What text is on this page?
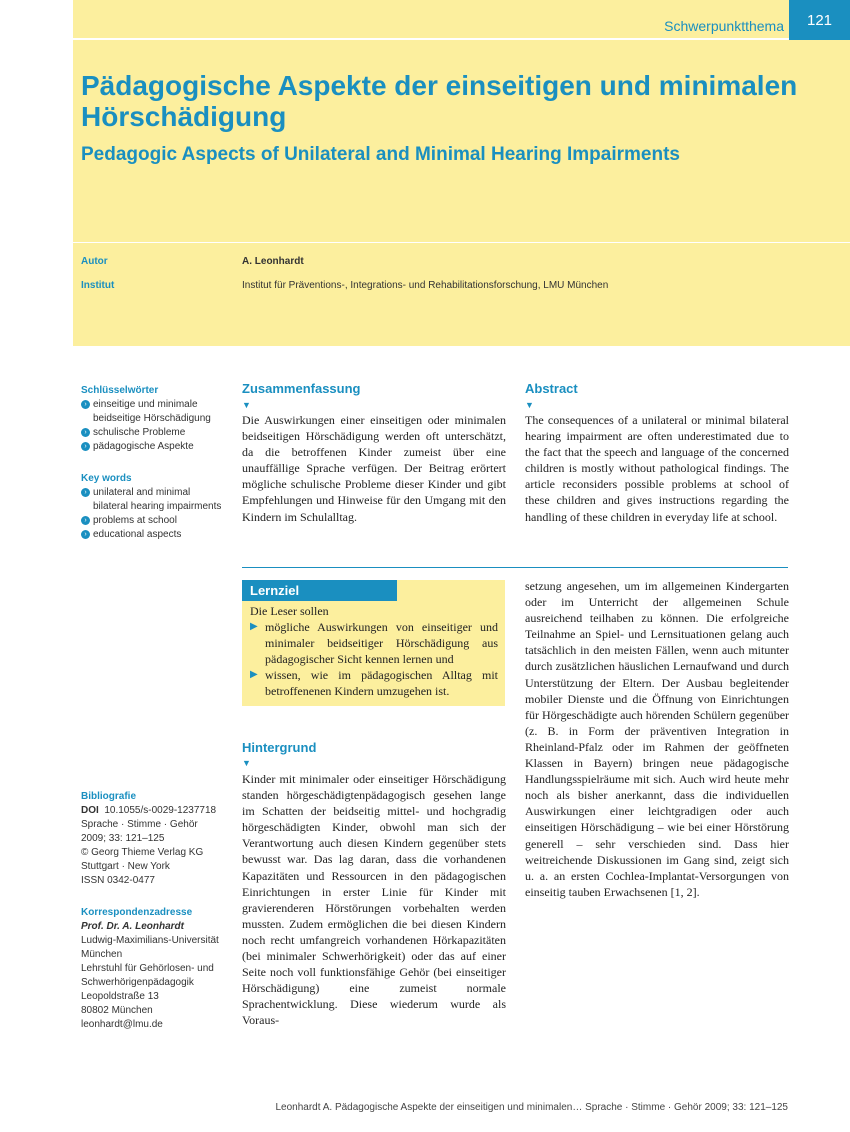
Schwerpunktthema	121
Pädagogische Aspekte der einseitigen und minimalen Hörschädigung
Pedagogic Aspects of Unilateral and Minimal Hearing Impairments
Autor	A. Leonhardt
Institut	Institut für Präventions-, Integrations- und Rehabilitationsforschung, LMU München
Schlüsselwörter
› einseitige und minimale beidseitige Hörschädigung
› schulische Probleme
› pädagogische Aspekte
Key words
› unilateral and minimal bilateral hearing impairments
› problems at school
› educational aspects
Bibliografie
DOI 10.1055/s-0029-1237718
Sprache · Stimme · Gehör
2009; 33: 121–125
© Georg Thieme Verlag KG
Stuttgart · New York
ISSN 0342-0477
Korrespondenzadresse
Prof. Dr. A. Leonhardt
Ludwig-Maximilians-Universität
München
Lehrstuhl für Gehörlosen- und
Schwerhörigenpädagogik
Leopoldstraße 13
80802 München
leonhardt@lmu.de
Zusammenfassung
▼

Die Auswirkungen einer einseitigen oder minimalen beidseitigen Hörschädigung werden oft unterschätzt, da die betroffenen Kinder zumeist über eine unauffällige Sprache verfügen. Der Beitrag erörtert mögliche schulische Probleme dieser Kinder und gibt Empfehlungen und Hinweise für den Umgang mit den Kindern im Schulalltag.

Abstract
▼

The consequences of a unilateral or minimal bilateral hearing impairment are often underestimated due to the fact that the speech and language of the concerned children is mostly without pathological findings. The article reconsiders possible problems at school of these children and gives instructions regarding the handling of these children in everyday life at school.

Lernziel
Die Leser sollen
▶ mögliche Auswirkungen von einseitiger und minimaler beidseitiger Hörschädigung aus pädagogischer Sicht kennen lernen und
▶ wissen, wie im pädagogischen Alltag mit betroffenenen Kindern umzugehen ist.
Hintergrund
▼

Kinder mit minimaler oder einseitiger Hörschädigung standen hörgeschädigtenpädagogisch gesehen lange im Schatten der beidseitig mittel- und hochgradig hörgeschädigten Kinder, obwohl man sich der Verantwortung auch diesen Kindern gegenüber stets bewusst war. Das lag daran, dass die vorhandenen Kapazitäten und Ressourcen in den pädagogischen Einrichtungen in erster Linie für Kinder mit gravierenderen Hörstörungen vorbehalten werden mussten. Zudem ermöglichen die bei diesen Kindern noch recht umfangreich vorhandenen Hörkapazitäten (bei minimaler Schwerhörigkeit) oder das auf einer Seite noch voll funktionsfähige Gehör (bei einseitiger Hörschädigung) eine zumeist normale Sprachentwicklung. Diese wiederum wurde als Voraus-

setzung angesehen, um im allgemeinen Kindergarten oder im Unterricht der allgemeinen Schule ausreichend teilhaben zu können. Die erfolgreiche Teilnahme an Spiel- und Lernsituationen gelang auch tatsächlich in den meisten Fällen, wenn auch mitunter durch zusätzlichen häuslichen Lernaufwand und durch Unterstützung der Eltern. Der Ausbau begleitender mobiler Dienste und die Öffnung von Einrichtungen für Hörgeschädigte auch hörenden Schülern gegenüber (z. B. in Form der präventiven Integration in Rheinland-Pfalz oder im Rahmen der geöffneten Klassen in Bayern) bringen neue pädagogische Handlungsspielräume mit sich. Auch wird heute mehr noch als bisher anerkannt, dass die individuellen Auswirkungen einer leichtgradigen oder auch einseitigen Hörschädigung – wie bei einer Hörstörung generell – sehr verschieden sind. Dass hier weitreichende Diskussionen im Gang sind, zeigt sich u. a. an ersten Cochlea-Implantat-Versorgungen von einseitig tauben Erwachsenen [1, 2].

Leonhardt A. Pädagogische Aspekte der einseitigen und minimalen… Sprache · Stimme · Gehör 2009; 33: 121–125
